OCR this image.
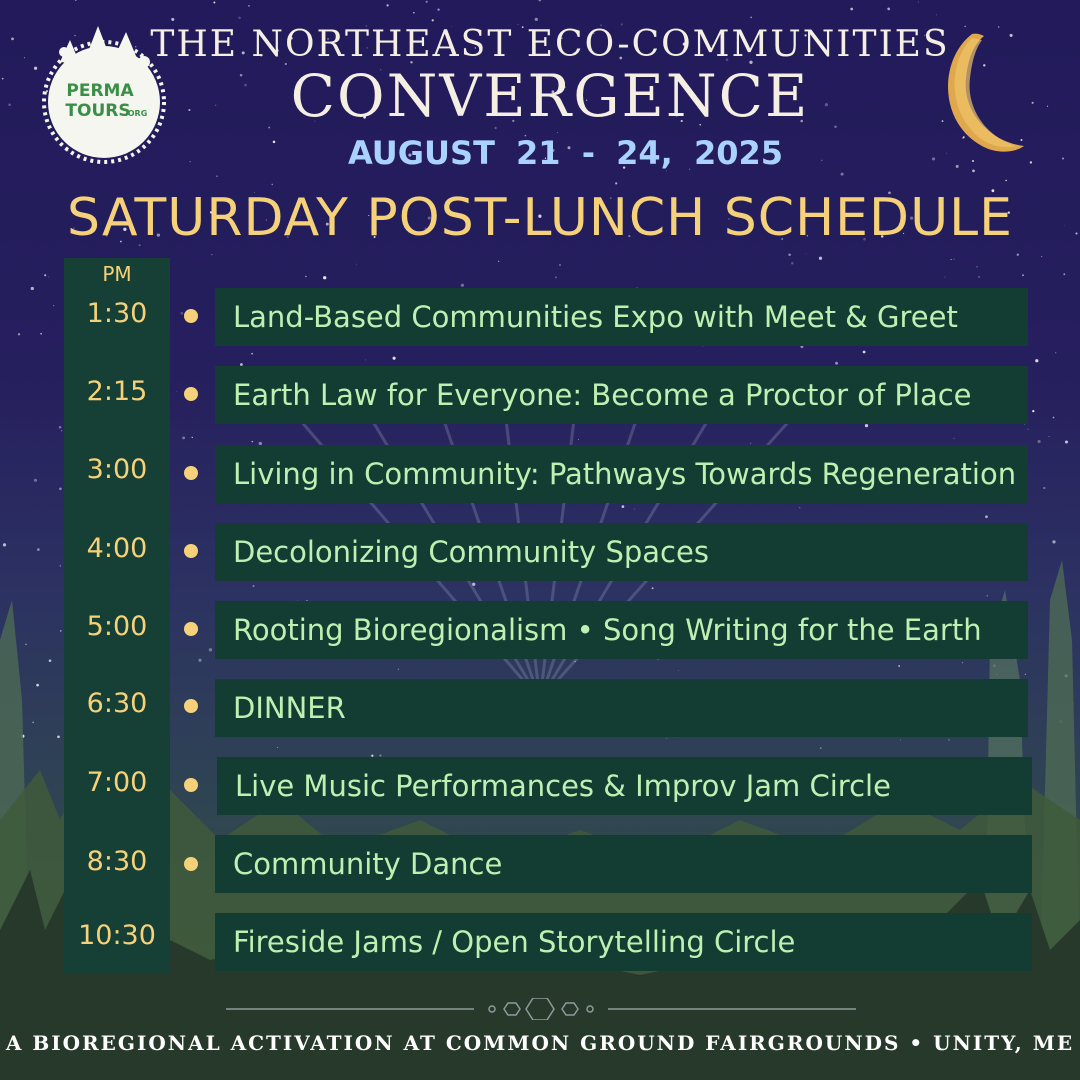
PERMA
TOURS
.ORG
THE NORTHEAST ECO-COMMUNITIES
CONVERGENCE
AUGUST 21 - 24, 2025
SATURDAY POST-LUNCH SCHEDULE
PM
1:30	Land-Based Communities Expo with Meet & Greet
2:15	Earth Law for Everyone: Become a Proctor of Place
3:00	Living in Community: Pathways Towards Regeneration
4:00	Decolonizing Community Spaces
5:00	Rooting Bioregionalism • Song Writing for the Earth
6:30	DINNER
7:00	Live Music Performances & Improv Jam Circle
8:30	Community Dance
10:30	Fireside Jams / Open Storytelling Circle
A BIOREGIONAL ACTIVATION AT COMMON GROUND FAIRGROUNDS • UNITY, ME
